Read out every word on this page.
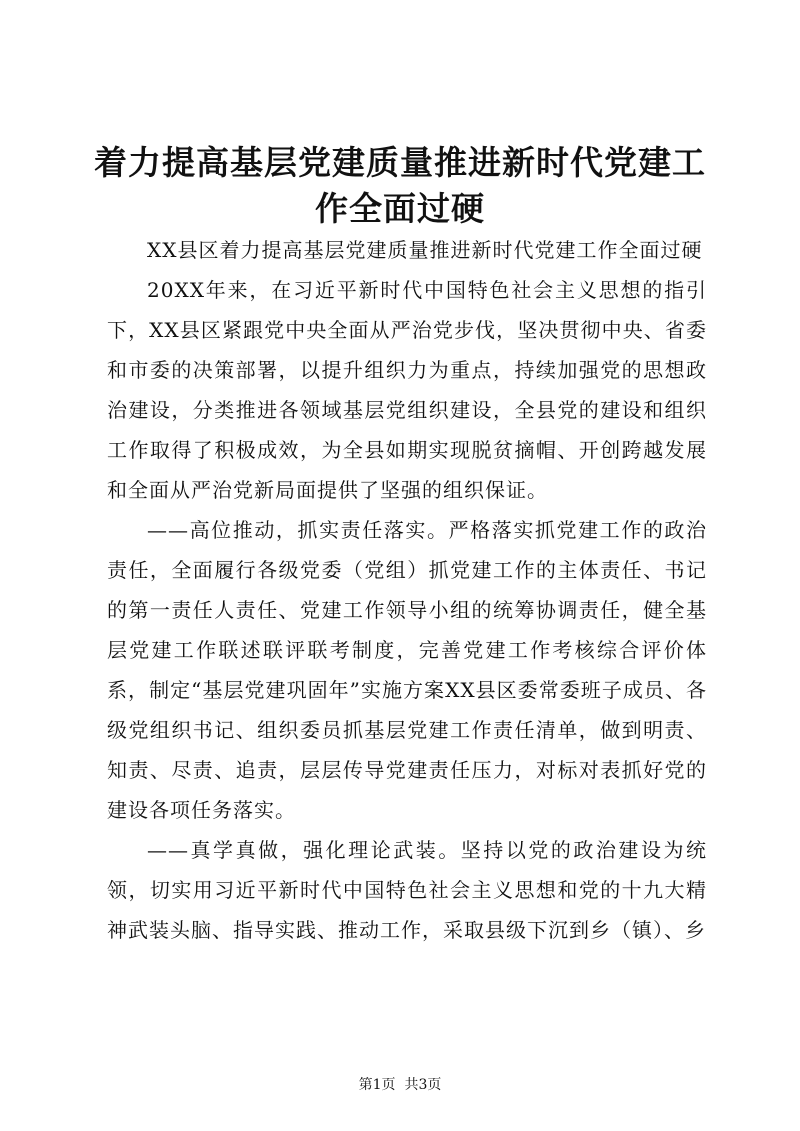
着力提高基层党建质量推进新时代党建工作全面过硬

XX县区着力提高基层党建质量推进新时代党建工作全面过硬

20XX年来，在习近平新时代中国特色社会主义思想的指引下，XX县区紧跟党中央全面从严治党步伐，坚决贯彻中央、省委和市委的决策部署，以提升组织力为重点，持续加强党的思想政治建设，分类推进各领域基层党组织建设，全县党的建设和组织工作取得了积极成效，为全县如期实现脱贫摘帽、开创跨越发展和全面从严治党新局面提供了坚强的组织保证。

——高位推动，抓实责任落实。严格落实抓党建工作的政治责任，全面履行各级党委（党组）抓党建工作的主体责任、书记的第一责任人责任、党建工作领导小组的统筹协调责任，健全基层党建工作联述联评联考制度，完善党建工作考核综合评价体系，制定“基层党建巩固年”实施方案XX县区委常委班子成员、各级党组织书记、组织委员抓基层党建工作责任清单，做到明责、知责、尽责、追责，层层传导党建责任压力，对标对表抓好党的建设各项任务落实。

——真学真做，强化理论武装。坚持以党的政治建设为统领，切实用习近平新时代中国特色社会主义思想和党的十九大精神武装头脑、指导实践、推动工作，采取县级下沉到乡（镇）、乡

第1页 共3页
